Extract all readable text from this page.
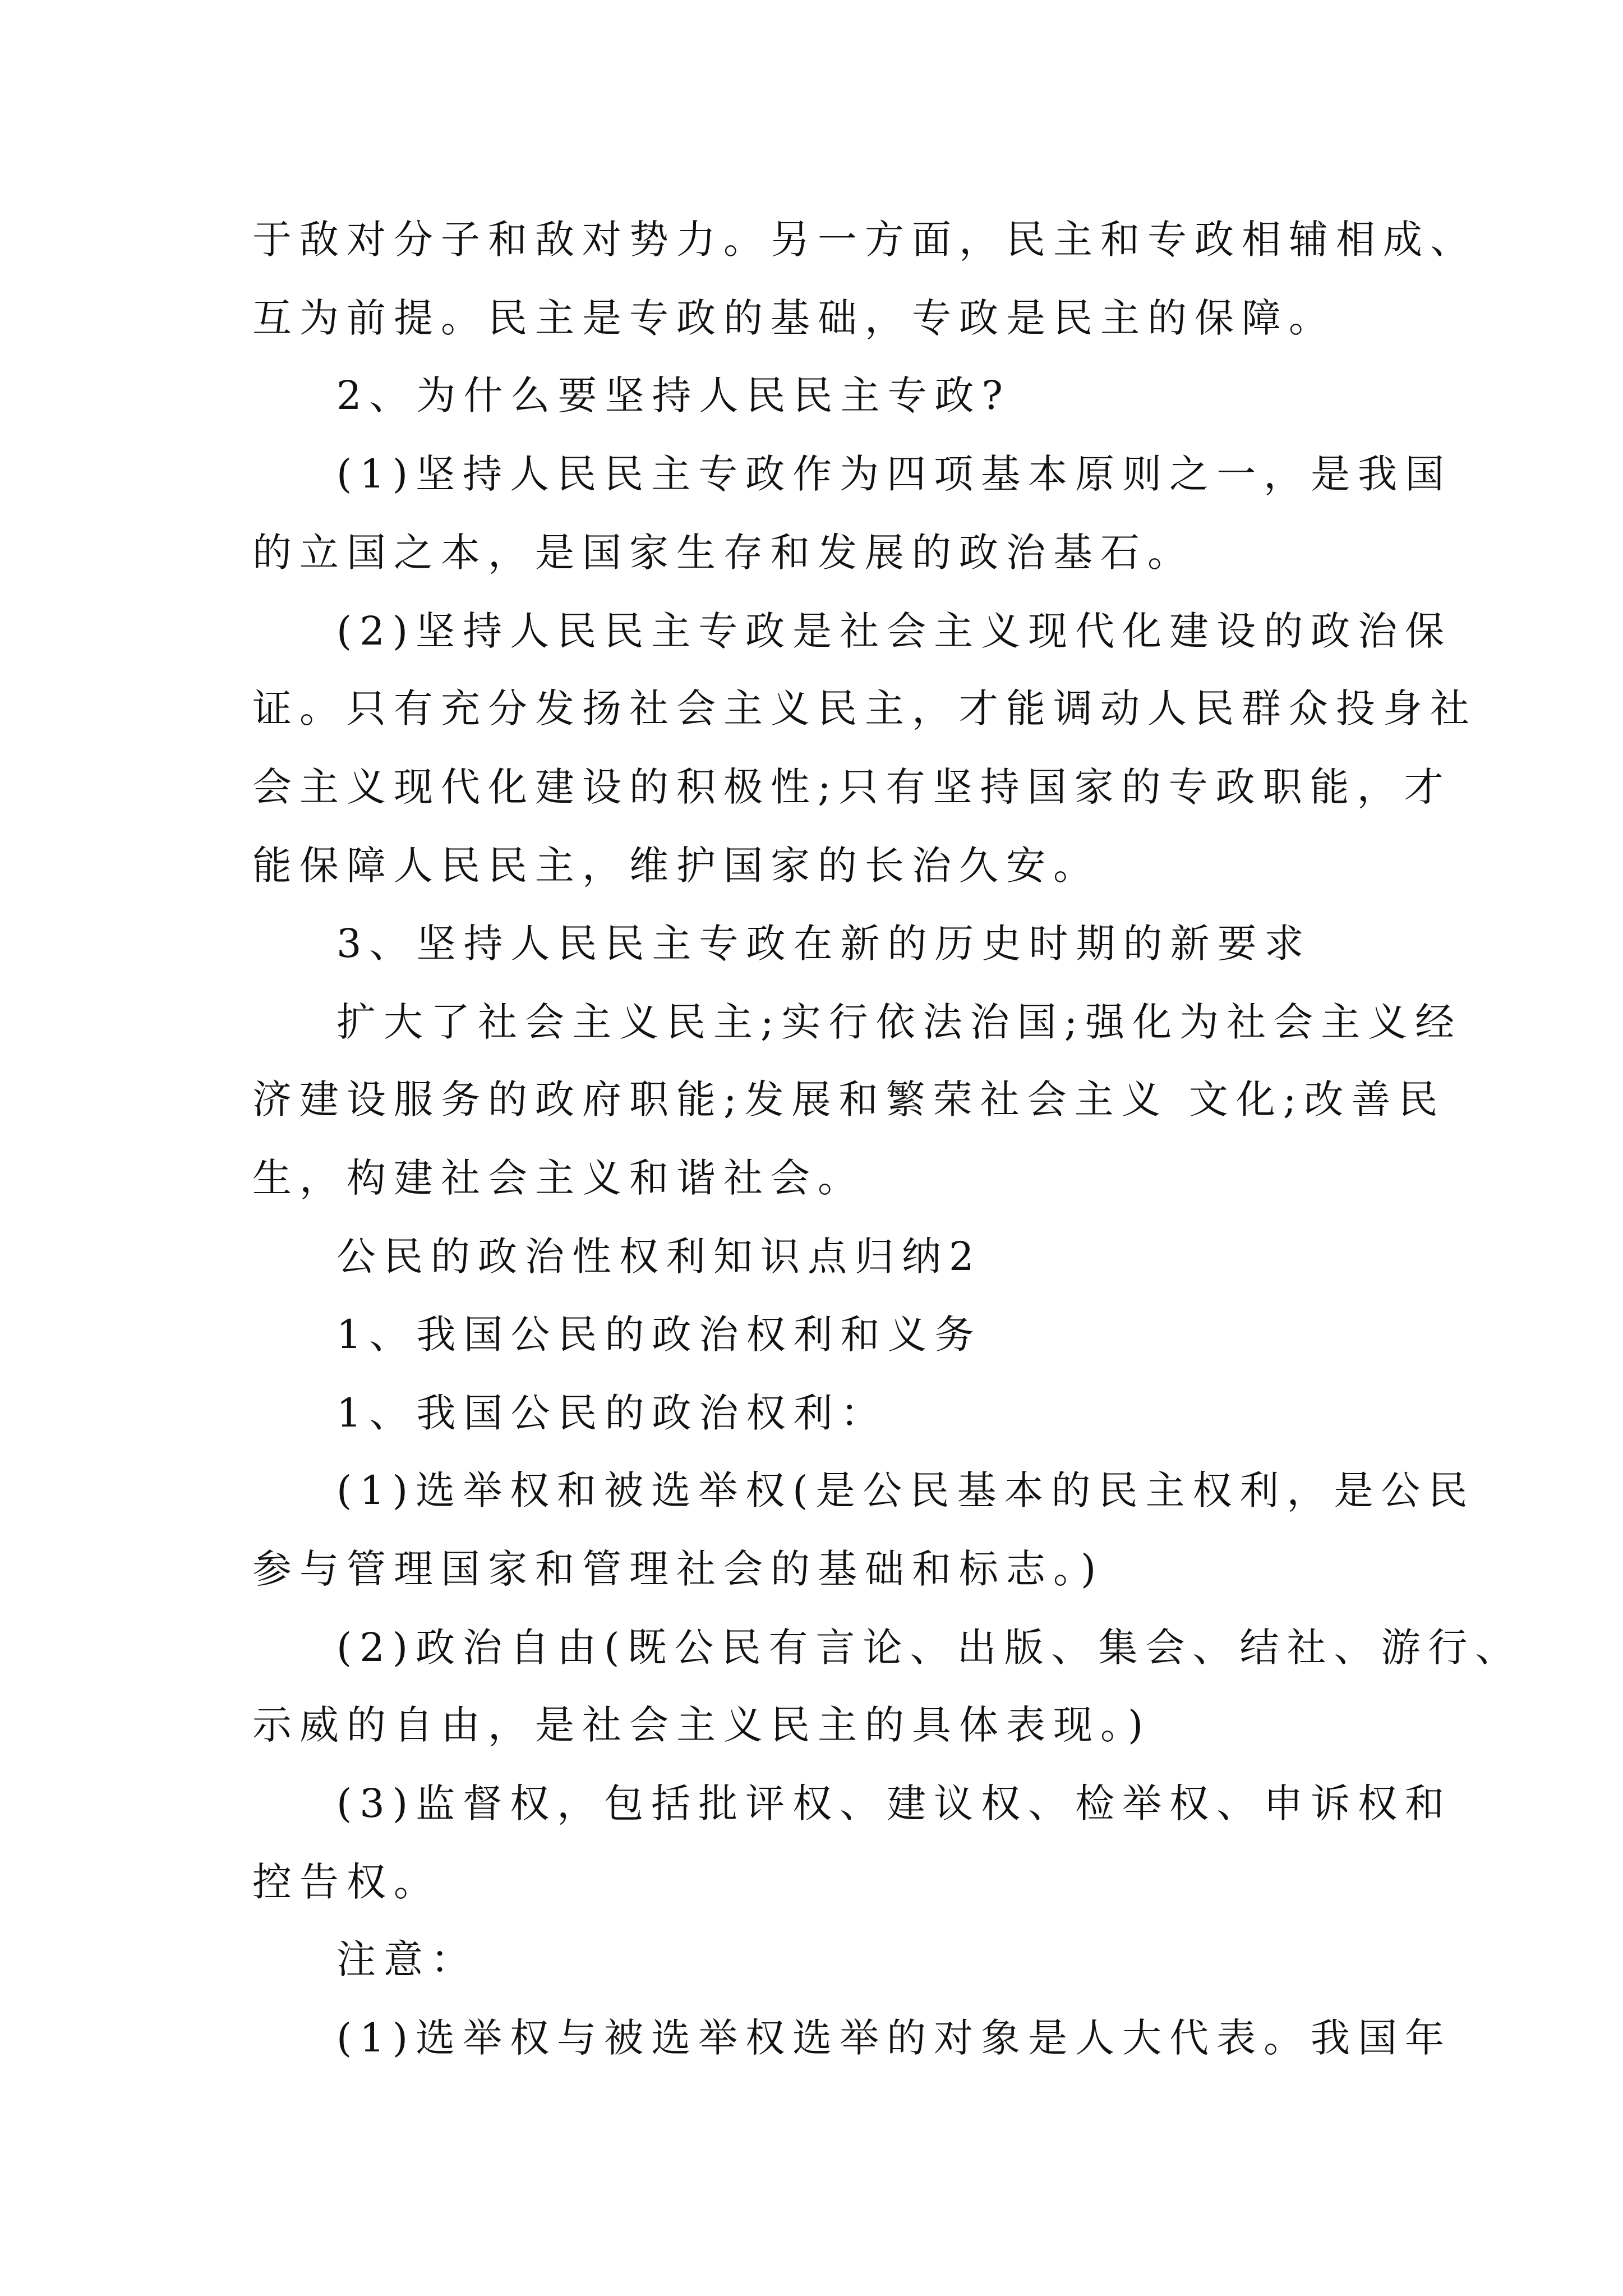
于敌对分子和敌对势力。另一方面，民主和专政相辅相成、
互为前提。民主是专政的基础，专政是民主的保障。
2、为什么要坚持人民民主专政?
(1)坚持人民民主专政作为四项基本原则之一，是我国
的立国之本，是国家生存和发展的政治基石。
(2)坚持人民民主专政是社会主义现代化建设的政治保
证。只有充分发扬社会主义民主，才能调动人民群众投身社
会主义现代化建设的积极性;只有坚持国家的专政职能，才
能保障人民民主，维护国家的长治久安。
3、坚持人民民主专政在新的历史时期的新要求
扩大了社会主义民主;实行依法治国;强化为社会主义经
济建设服务的政府职能;发展和繁荣社会主义 文化;改善民
生，构建社会主义和谐社会。
公民的政治性权利知识点归纳2
1、我国公民的政治权利和义务
1、我国公民的政治权利：
(1)选举权和被选举权(是公民基本的民主权利，是公民
参与管理国家和管理社会的基础和标志。)
(2)政治自由(既公民有言论、出版、集会、结社、游行、
示威的自由，是社会主义民主的具体表现。)
(3)监督权，包括批评权、建议权、检举权、申诉权和
控告权。
注意：
(1)选举权与被选举权选举的对象是人大代表。我国年
